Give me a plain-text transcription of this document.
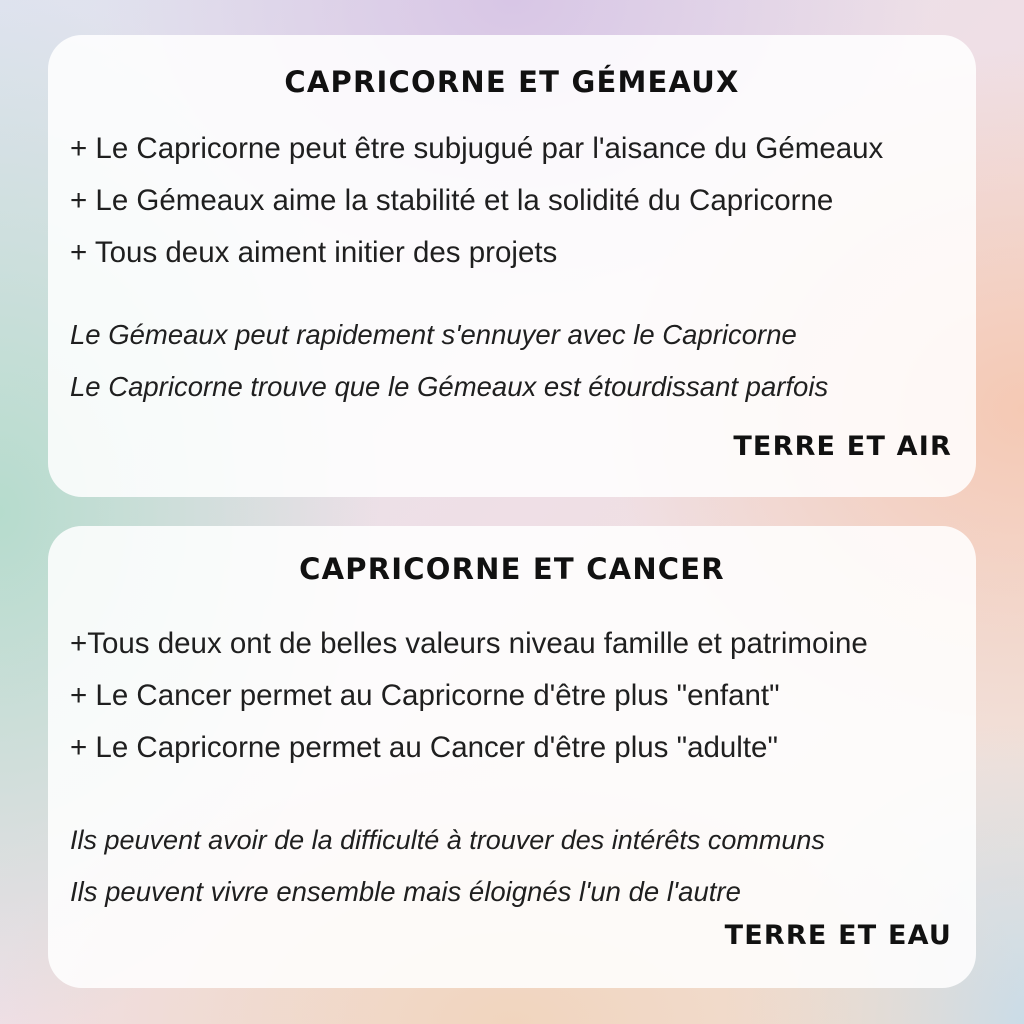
CAPRICORNE ET GÉMEAUX
+ Le Capricorne peut être subjugué par l'aisance du Gémeaux
+ Le Gémeaux aime la stabilité et la solidité du Capricorne
+ Tous deux aiment initier des projets
Le Gémeaux peut rapidement s'ennuyer avec le Capricorne
Le Capricorne trouve que le Gémeaux est étourdissant parfois
TERRE ET AIR
CAPRICORNE ET CANCER
+Tous deux ont de belles valeurs niveau famille et patrimoine
+ Le Cancer permet au Capricorne d'être plus "enfant"
+ Le Capricorne permet au Cancer d'être plus "adulte"
Ils peuvent avoir de la difficulté à trouver des intérêts communs
Ils peuvent vivre ensemble mais éloignés l'un de l'autre
TERRE ET EAU
